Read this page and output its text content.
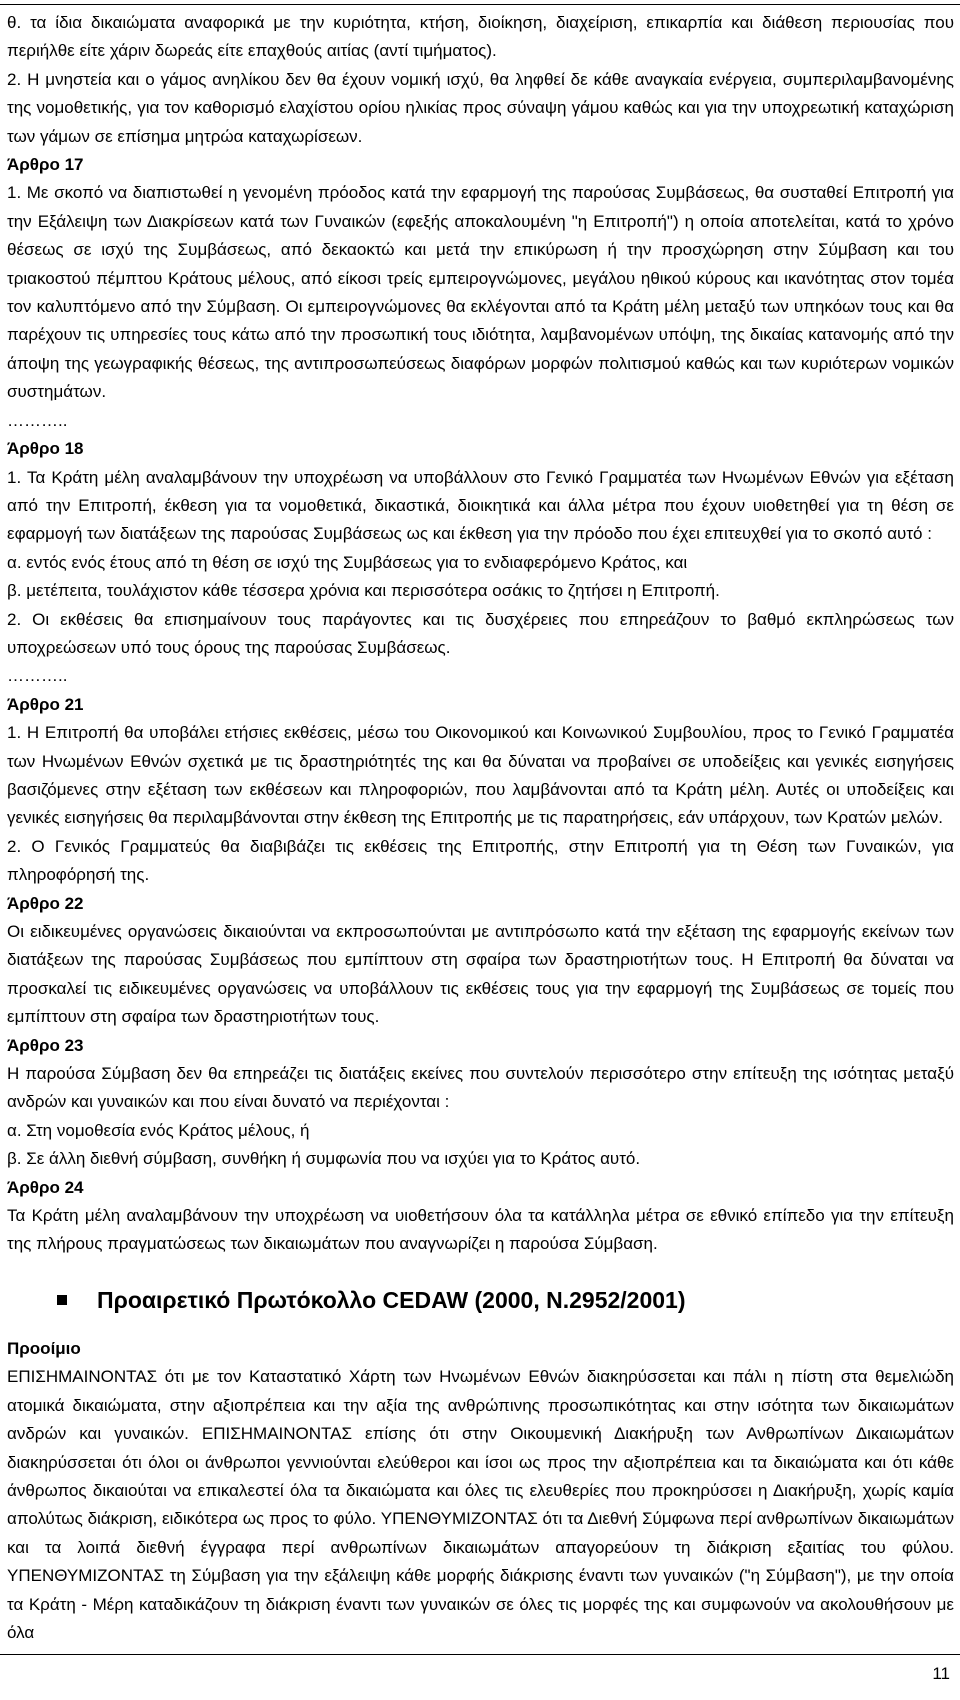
θ. τα ίδια δικαιώματα αναφορικά με την κυριότητα, κτήση, διοίκηση, διαχείριση, επικαρπία και διάθεση περιουσίας που περιήλθε είτε χάριν δωρεάς είτε επαχθούς αιτίας (αντί τιμήματος).

2. Η μνηστεία και ο γάμος ανηλίκου δεν θα έχουν νομική ισχύ, θα ληφθεί δε κάθε αναγκαία ενέργεια, συμπεριλαμβανομένης της νομοθετικής, για τον καθορισμό ελαχίστου ορίου ηλικίας προς σύναψη γάμου καθώς και για την υποχρεωτική καταχώριση των γάμων σε επίσημα μητρώα καταχωρίσεων.

Άρθρο 17

1. Με σκοπό να διαπιστωθεί η γενομένη πρόοδος κατά την εφαρμογή της παρούσας Συμβάσεως, θα συσταθεί Επιτροπή για την Εξάλειψη των Διακρίσεων κατά των Γυναικών (εφεξής αποκαλουμένη "η Επιτροπή") η οποία αποτελείται, κατά το χρόνο θέσεως σε ισχύ της Συμβάσεως, από δεκαοκτώ και μετά την επικύρωση ή την προσχώρηση στην Σύμβαση και του τριακοστού πέμπτου Κράτους μέλους, από είκοσι τρείς εμπειρογνώμονες, μεγάλου ηθικού κύρους και ικανότητας στον τομέα τον καλυπτόμενο από την Σύμβαση. Οι εμπειρογνώμονες θα εκλέγονται από τα Κράτη μέλη μεταξύ των υπηκόων τους και θα παρέχουν τις υπηρεσίες τους κάτω από την προσωπική τους ιδιότητα, λαμβανομένων υπόψη, της δικαίας κατανομής από την άποψη της γεωγραφικής θέσεως, της αντιπροσωπεύσεως διαφόρων μορφών πολιτισμού καθώς και των κυριότερων νομικών συστημάτων.

………..

Άρθρο 18

1. Τα Κράτη μέλη αναλαμβάνουν την υποχρέωση να υποβάλλουν στο Γενικό Γραμματέα των Ηνωμένων Εθνών για εξέταση από την Επιτροπή, έκθεση για τα νομοθετικά, δικαστικά, διοικητικά και άλλα μέτρα που έχουν υιοθετηθεί για τη θέση σε εφαρμογή των διατάξεων της παρούσας Συμβάσεως ως και έκθεση για την πρόοδο που έχει επιτευχθεί για το σκοπό αυτό :

α. εντός ενός έτους από τη θέση σε ισχύ της Συμβάσεως για το ενδιαφερόμενο Κράτος, και

β. μετέπειτα, τουλάχιστον κάθε τέσσερα χρόνια και περισσότερα οσάκις το ζητήσει η Επιτροπή.

2. Οι εκθέσεις θα επισημαίνουν τους παράγοντες και τις δυσχέρειες που επηρεάζουν το βαθμό εκπληρώσεως των υποχρεώσεων υπό τους όρους της παρούσας Συμβάσεως.

………..

Άρθρο 21

1. Η Επιτροπή θα υποβάλει ετήσιες εκθέσεις, μέσω του Οικονομικού και Κοινωνικού Συμβουλίου, προς το Γενικό Γραμματέα των Ηνωμένων Εθνών σχετικά με τις δραστηριότητές της και θα δύναται να προβαίνει σε υποδείξεις και γενικές εισηγήσεις βασιζόμενες στην εξέταση των εκθέσεων και πληροφοριών, που λαμβάνονται από τα Κράτη μέλη. Αυτές οι υποδείξεις και γενικές εισηγήσεις θα περιλαμβάνονται στην έκθεση της Επιτροπής με τις παρατηρήσεις, εάν υπάρχουν, των Κρατών μελών.

2. Ο Γενικός Γραμματεύς θα διαβιβάζει τις εκθέσεις της Επιτροπής, στην Επιτροπή για τη Θέση των Γυναικών, για πληροφόρησή της.

Άρθρο 22

Οι ειδικευμένες οργανώσεις δικαιούνται να εκπροσωπούνται με αντιπρόσωπο κατά την εξέταση της εφαρμογής εκείνων των διατάξεων της παρούσας Συμβάσεως που εμπίπτουν στη σφαίρα των δραστηριοτήτων τους. Η Επιτροπή θα δύναται να προσκαλεί τις ειδικευμένες οργανώσεις να υποβάλλουν τις εκθέσεις τους για την εφαρμογή της Συμβάσεως σε τομείς που εμπίπτουν στη σφαίρα των δραστηριοτήτων τους.

Άρθρο 23

Η παρούσα Σύμβαση δεν θα επηρεάζει τις διατάξεις εκείνες που συντελούν περισσότερο στην επίτευξη της ισότητας μεταξύ ανδρών και γυναικών και που είναι δυνατό να περιέχονται :

α. Στη νομοθεσία ενός Κράτος μέλους, ή

β. Σε άλλη διεθνή σύμβαση, συνθήκη ή συμφωνία που να ισχύει για το Κράτος αυτό.

Άρθρο 24

Τα Κράτη μέλη αναλαμβάνουν την υποχρέωση να υιοθετήσουν όλα τα κατάλληλα μέτρα σε εθνικό επίπεδο για την επίτευξη της πλήρους πραγματώσεως των δικαιωμάτων που αναγνωρίζει η παρούσα Σύμβαση.

Προαιρετικό Πρωτόκολλο CEDAW (2000, Ν.2952/2001)

Προοίμιο

ΕΠΙΣΗΜΑΙΝΟΝΤΑΣ ότι με τον Καταστατικό Χάρτη των Ηνωμένων Εθνών διακηρύσσεται και πάλι η πίστη στα θεμελιώδη ατομικά δικαιώματα, στην αξιοπρέπεια και την αξία της ανθρώπινης προσωπικότητας και στην ισότητα των δικαιωμάτων ανδρών και γυναικών. ΕΠΙΣΗΜΑΙΝΟΝΤΑΣ επίσης ότι στην Οικουμενική Διακήρυξη των Ανθρωπίνων Δικαιωμάτων διακηρύσσεται ότι όλοι οι άνθρωποι γεννιούνται ελεύθεροι και ίσοι ως προς την αξιοπρέπεια και τα δικαιώματα και ότι κάθε άνθρωπος δικαιούται να επικαλεστεί όλα τα δικαιώματα και όλες τις ελευθερίες που προκηρύσσει η Διακήρυξη, χωρίς καμία απολύτως διάκριση, ειδικότερα ως προς το φύλο. ΥΠΕΝΘΥΜΙΖΟΝΤΑΣ ότι τα Διεθνή Σύμφωνα περί ανθρωπίνων δικαιωμάτων και τα λοιπά διεθνή έγγραφα περί ανθρωπίνων δικαιωμάτων απαγορεύουν τη διάκριση εξαιτίας του φύλου. ΥΠΕΝΘΥΜΙΖΟΝΤΑΣ τη Σύμβαση για την εξάλειψη κάθε μορφής διάκρισης έναντι των γυναικών ("η Σύμβαση"), με την οποία τα Κράτη - Μέρη καταδικάζουν τη διάκριση έναντι των γυναικών σε όλες τις μορφές της και συμφωνούν να ακολουθήσουν με όλα

11
